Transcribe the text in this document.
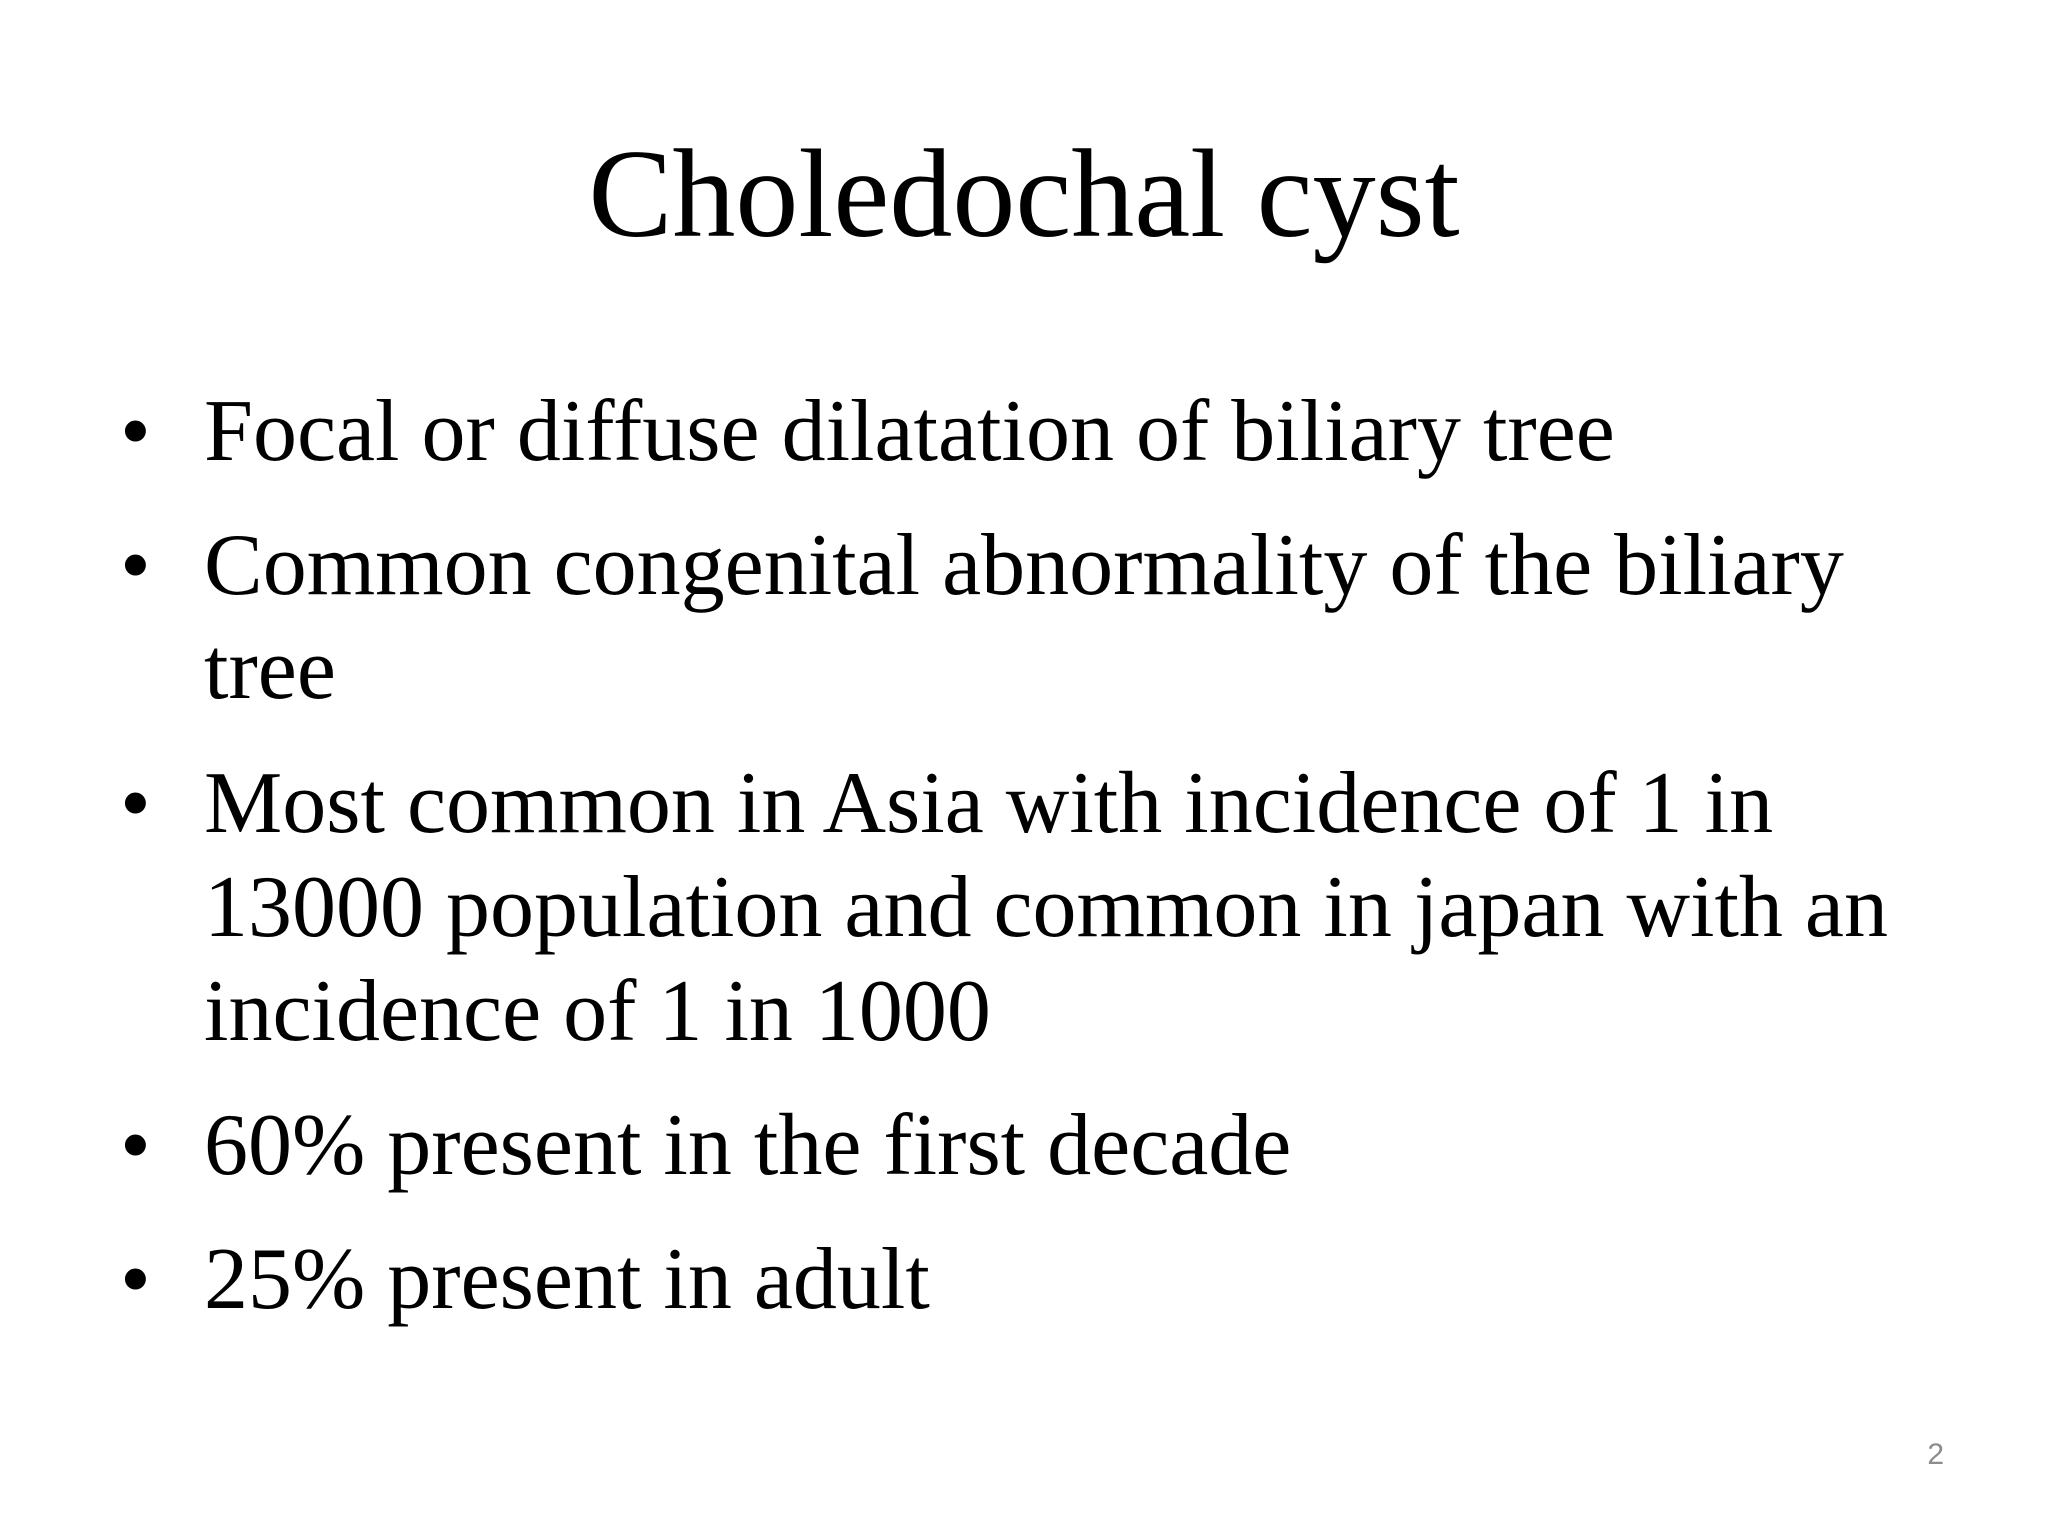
Choledochal cyst
• Focal or diffuse dilatation of biliary tree
• Common congenital abnormality of the biliary tree
• Most common in Asia with incidence of 1 in 13000 population and common in japan with an incidence of 1 in 1000
• 60% present in the first decade
• 25% present in adult
2
